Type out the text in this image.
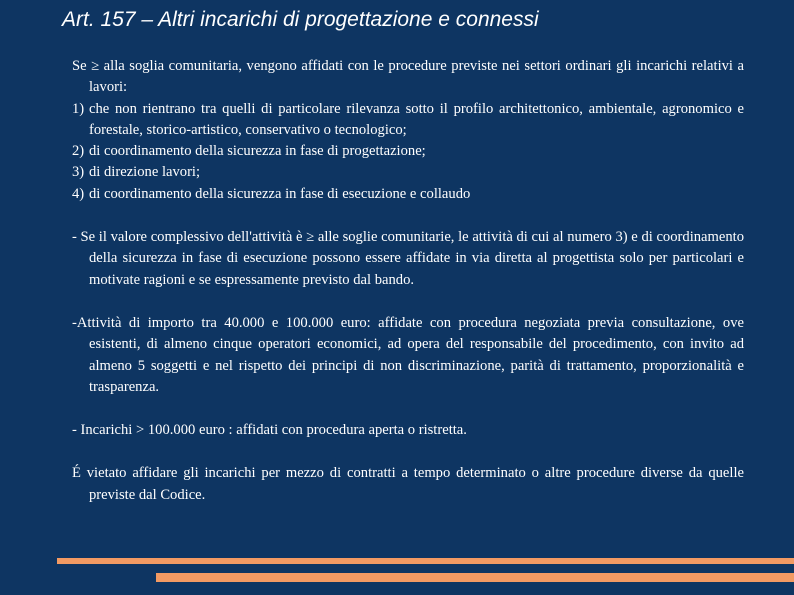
Art. 157 – Altri incarichi di progettazione e connessi

Se ≥ alla soglia comunitaria, vengono affidati con le procedure previste nei settori ordinari gli incarichi relativi a lavori:

1) che non rientrano tra quelli di particolare rilevanza sotto il profilo architettonico, ambientale, agronomico e forestale, storico-artistico, conservativo o tecnologico;
2) di coordinamento della sicurezza in fase di progettazione;
3) di direzione lavori;
4) di coordinamento della sicurezza in fase di esecuzione e collaudo

- Se il valore complessivo dell'attività è ≥ alle soglie comunitarie, le attività di cui al numero 3) e di coordinamento della sicurezza in fase di esecuzione possono essere affidate in via diretta al progettista solo per particolari e motivate ragioni e se espressamente previsto dal bando.

-Attività di importo tra 40.000 e 100.000 euro: affidate con procedura negoziata previa consultazione, ove esistenti, di almeno cinque operatori economici, ad opera del responsabile del procedimento, con invito ad almeno 5 soggetti e nel rispetto dei principi di non discriminazione, parità di trattamento, proporzionalità e trasparenza.

- Incarichi > 100.000 euro : affidati con procedura aperta o ristretta.

É vietato affidare gli incarichi per mezzo di contratti a tempo determinato o altre procedure diverse da quelle previste dal Codice.
